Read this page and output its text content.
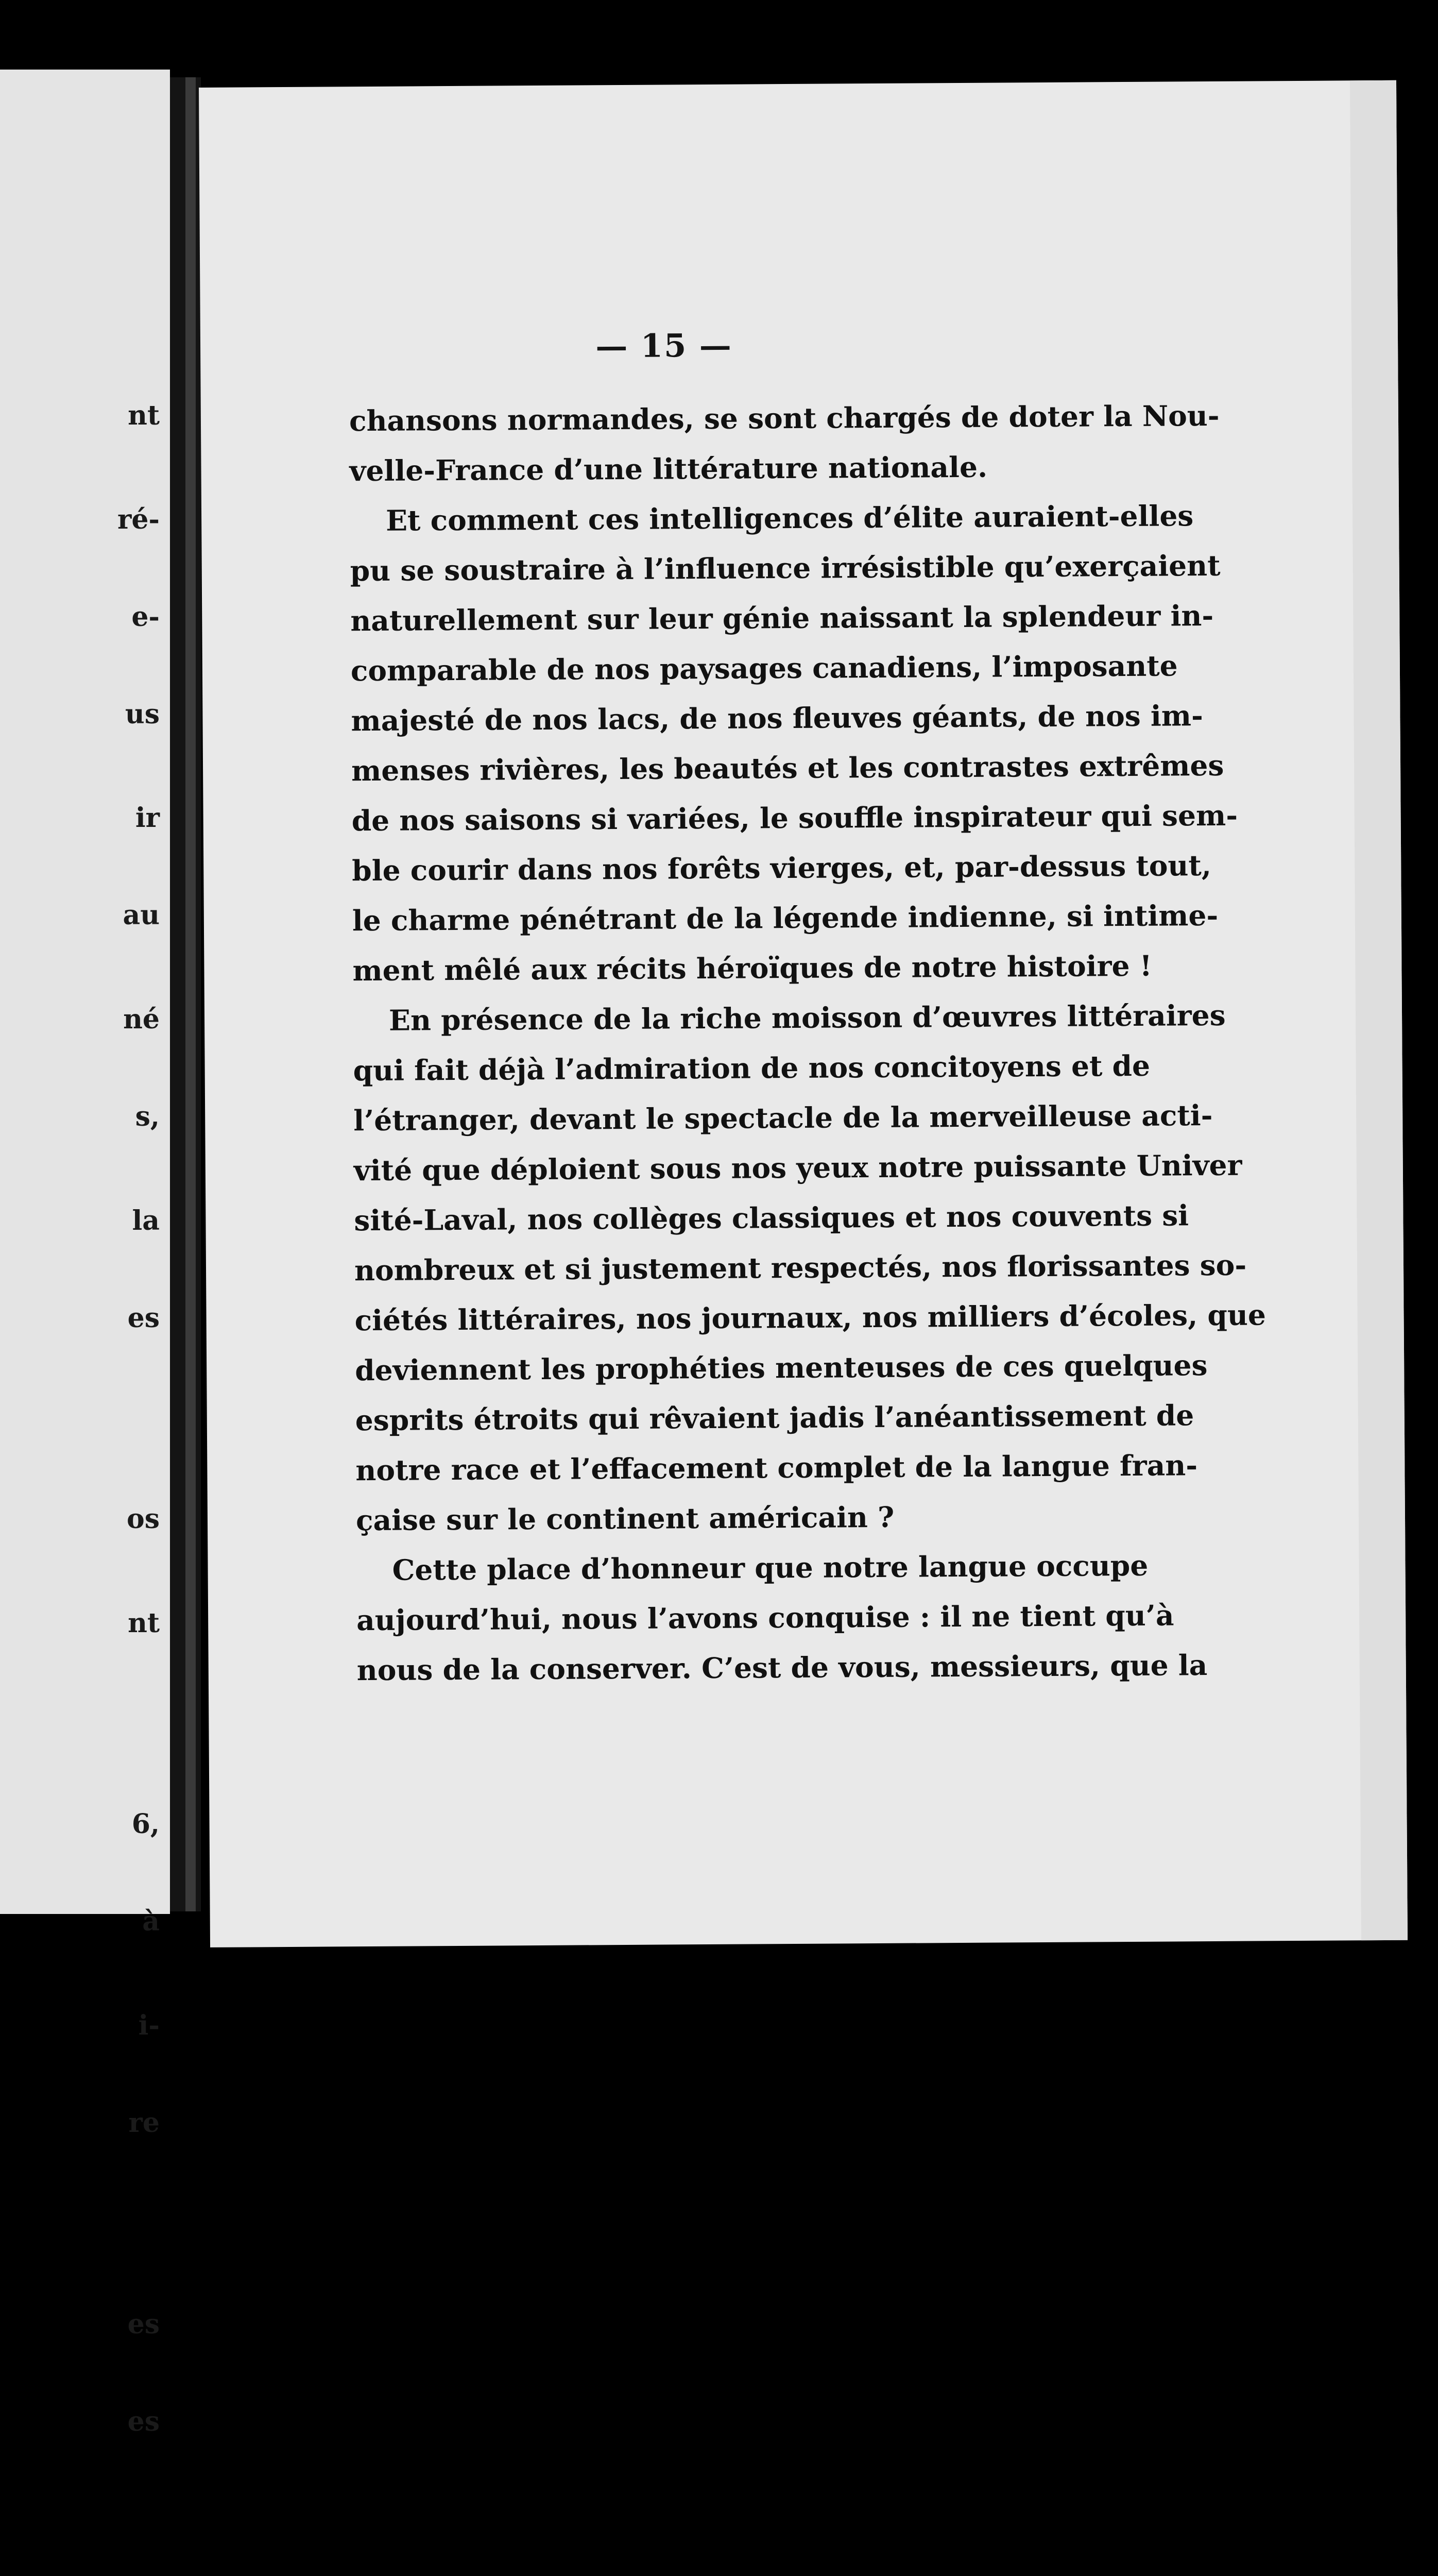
nt
ré-
e-
us
ir
au
né
s,
la
es
os
nt
6,
à
i-
re
es
es
— 15 —
chansons normandes, se sont chargés de doter la Nou-
velle-France d’une littérature nationale.
Et comment ces intelligences d’élite auraient-elles
pu se soustraire à l’influence irrésistible qu’exerçaient
naturellement sur leur génie naissant la splendeur in-
comparable de nos paysages canadiens, l’imposante
majesté de nos lacs, de nos fleuves géants, de nos im-
menses rivières, les beautés et les contrastes extrêmes
de nos saisons si variées, le souffle inspirateur qui sem-
ble courir dans nos forêts vierges, et, par-dessus tout,
le charme pénétrant de la légende indienne, si intime-
ment mêlé aux récits héroïques de notre histoire !
En présence de la riche moisson d’œuvres littéraires
qui fait déjà l’admiration de nos concitoyens et de
l’étranger, devant le spectacle de la merveilleuse acti-
vité que déploient sous nos yeux notre puissante Univer
sité-Laval, nos collèges classiques et nos couvents si
nombreux et si justement respectés, nos florissantes so-
ciétés littéraires, nos journaux, nos milliers d’écoles, que
deviennent les prophéties menteuses de ces quelques
esprits étroits qui rêvaient jadis l’anéantissement de
notre race et l’effacement complet de la langue fran-
çaise sur le continent américain ?
Cette place d’honneur que notre langue occupe
aujourd’hui, nous l’avons conquise : il ne tient qu’à
nous de la conserver. C’est de vous, messieurs, que la
